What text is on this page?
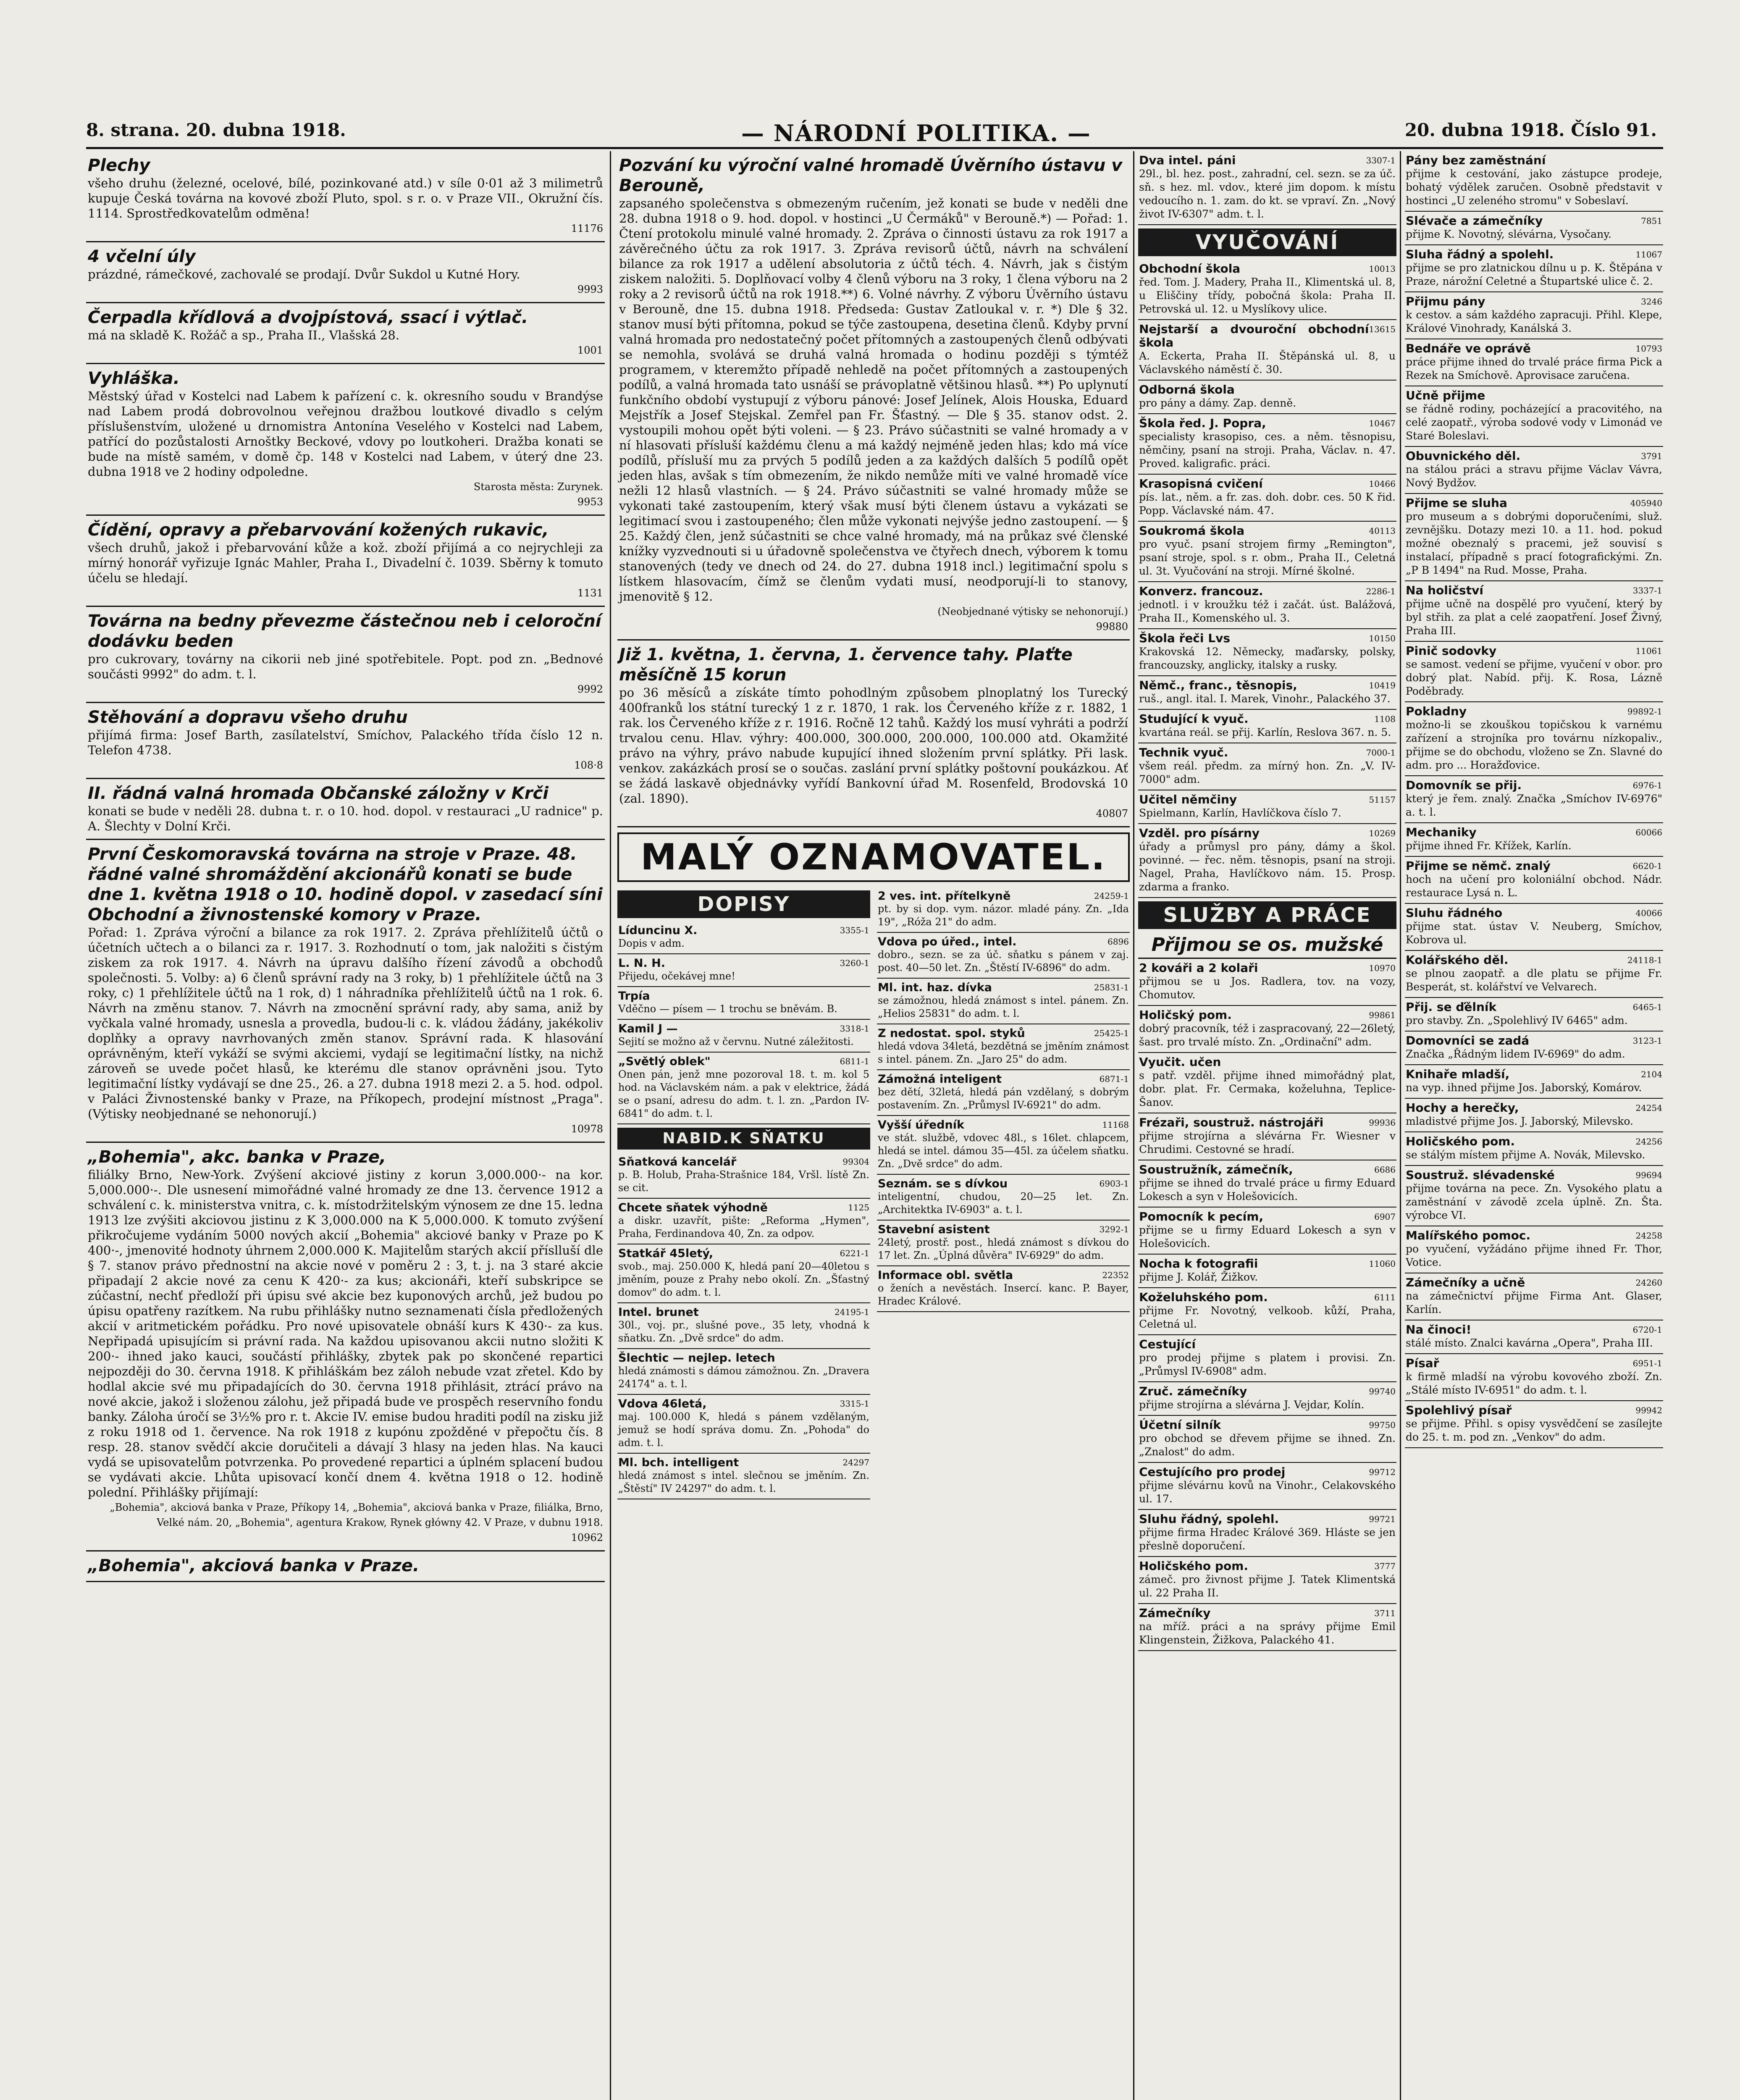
8. strana. 20. dubna 1918.	— NÁRODNÍ POLITIKA. —	20. dubna 1918. Číslo 91.
Plechy

všeho druhu (železné, ocelové, bílé, pozinkované atd.) v síle 0·01 až 3 milimetrů kupuje Česká továrna na kovové zboží Pluto, spol. s r. o. v Praze VII., Okružní čís. 1114. Sprostředkovatelům odměna!

11176
4 včelní úly

prázdné, rámečkové, zachovalé se prodají. Dvůr Sukdol u Kutné Hory.

9993
Čerpadla křídlová a dvojpístová, ssací i výtlač.

má na skladě K. Rožáč a sp., Praha II., Vlašská 28.

1001
Vyhláška.

Městský úřad v Kostelci nad Labem k pařízení c. k. okresního soudu v Brandýse nad Labem prodá dobrovolnou veřejnou dražbou loutkové divadlo s celým příslušenstvím, uložené u drnomistra Antonína Veselého v Kostelci nad Labem, patřící do pozůstalosti Arnoštky Beckové, vdovy po loutkoheri. Dražba konati se bude na místě samém, v domě čp. 148 v Kostelci nad Labem, v úterý dne 23. dubna 1918 ve 2 hodiny odpoledne.

Starosta města: Zurynek.
9953
Čídění, opravy a přebarvování kožených rukavic,

všech druhů, jakož i přebarvování kůže a kož. zboží přijímá a co nejrychleji za mírný honorář vyřizuje Ignác Mahler, Praha I., Divadelní č. 1039. Sběrny k tomuto účelu se hledají.

1131
Továrna na bedny převezme částečnou neb i celoroční dodávku beden

pro cukrovary, továrny na cikorii neb jiné spotřebitele. Popt. pod zn. „Bednové součásti 9992" do adm. t. l.

9992
Stěhování a dopravu všeho druhu

přijímá firma: Josef Barth, zasílatelství, Smíchov, Palackého třída číslo 12 n. Telefon 4738.

108·8
II. řádná valná hromada Občanské záložny v Krči

konati se bude v neděli 28. dubna t. r. o 10. hod. dopol. v restauraci „U radnice" p. A. Šlechty v Dolní Krči.

První Českomoravská továrna na stroje v Praze. 48. řádné valné shromáždění akcionářů konati se bude dne 1. května 1918 o 10. hodině dopol. v zasedací síni Obchodní a živnostenské komory v Praze.

Pořad: 1. Zpráva výroční a bilance za rok 1917. 2. Zpráva přehlížitelů účtů o účetních učtech a o bilanci za r. 1917. 3. Rozhodnutí o tom, jak naložiti s čistým ziskem za rok 1917. 4. Návrh na úpravu dalšího řízení závodů a obchodů společnosti. 5. Volby: a) 6 členů správní rady na 3 roky, b) 1 přehlížitele účtů na 3 roky, c) 1 přehlížitele účtů na 1 rok, d) 1 náhradníka přehlížitelů účtů na 1 rok. 6. Návrh na změnu stanov. 7. Návrh na zmocnění správní rady, aby sama, aniž by vyčkala valné hromady, usnesla a provedla, budou-li c. k. vládou žádány, jakékoliv doplňky a opravy navrhovaných změn stanov. Správní rada. K hlasování oprávněným, kteří vykáží se svými akciemi, vydají se legitimační lístky, na nichž zároveň se uvede počet hlasů, ke kterému dle stanov oprávněni jsou. Tyto legitimační lístky vydávají se dne 25., 26. a 27. dubna 1918 mezi 2. a 5. hod. odpol. v Paláci Živnostenské banky v Praze, na Příkopech, prodejní místnost „Praga". (Výtisky neobjednané se nehonorují.)

10978
„Bohemia", akc. banka v Praze,

filiálky Brno, New-York. Zvýšení akciové jistiny z korun 3,000.000·- na kor. 5,000.000·-. Dle usnesení mimořádné valné hromady ze dne 13. července 1912 a schválení c. k. ministerstva vnitra, c. k. místodržitelským výnosem ze dne 15. ledna 1913 lze zvýšiti akciovou jistinu z K 3,000.000 na K 5,000.000. K tomuto zvýšení přikročujeme vydáním 5000 nových akcií „Bohemia" akciové banky v Praze po K 400·-, jmenovité hodnoty úhrnem 2,000.000 K. Majitelům starých akcií příslluší dle § 7. stanov právo přednostní na akcie nové v poměru 2 : 3, t. j. na 3 staré akcie připadají 2 akcie nové za cenu K 420·- za kus; akcionáři, kteří subskripce se zúčastní, nechť předloží při úpisu své akcie bez kuponových archů, jež budou po úpisu opatřeny razítkem. Na rubu přihlášky nutno seznamenati čísla předložených akcií v aritmetickém pořádku. Pro nové upisovatele obnáší kurs K 430·- za kus. Nepřipadá upisujícím si právní rada. Na každou upisovanou akcii nutno složiti K 200·- ihned jako kauci, součástí přihlášky, zbytek pak po skončené repartici nejpozději do 30. června 1918. K přihláškám bez záloh nebude vzat zřetel. Kdo by hodlal akcie své mu připadajících do 30. června 1918 přihlásit, ztrácí právo na nové akcie, jakož i složenou zálohu, jež připadá bude ve prospěch reservního fondu banky. Záloha úročí se 3½% pro r. t. Akcie IV. emise budou hraditi podíl na zisku již z roku 1918 od 1. července. Na rok 1918 z kupónu zpožděné v přepočtu čís. 8 resp. 28. stanov svědčí akcie doručiteli a dávají 3 hlasy na jeden hlas. Na kauci vydá se upisovatelům potvrzenka. Po provedené repartici a úplném splacení budou se vydávati akcie. Lhůta upisovací končí dnem 4. května 1918 o 12. hodině polední. Přihlášky přijímají:

„Bohemia", akciová banka v Praze, Příkopy 14, „Bohemia", akciová banka v Praze, filiálka, Brno, Velké nám. 20, „Bohemia", agentura Krakow, Rynek główny 42. V Praze, v dubnu 1918.
10962
„Bohemia", akciová banka v Praze.

Pozvání ku výroční valné hromadě Úvěrního ústavu v Berouně,

zapsaného společenstva s obmezeným ručením, jež konati se bude v neděli dne 28. dubna 1918 o 9. hod. dopol. v hostinci „U Čermáků" v Berouně.*) — Pořad: 1. Čtení protokolu minulé valné hromady. 2. Zpráva o činnosti ústavu za rok 1917 a závěrečného účtu za rok 1917. 3. Zpráva revisorů účtů, návrh na schválení bilance za rok 1917 a udělení absolutoria z účtů téch. 4. Návrh, jak s čistým ziskem naložiti. 5. Doplňovací volby 4 členů výboru na 3 roky, 1 člena výboru na 2 roky a 2 revisorů účtů na rok 1918.**) 6. Volné návrhy. Z výboru Úvěrního ústavu v Berouně, dne 15. dubna 1918. Předseda: Gustav Zatloukal v. r. *) Dle § 32. stanov musí býti přítomna, pokud se týče zastoupena, desetina členů. Kdyby první valná hromada pro nedostatečný počet přítomných a zastoupených členů odbývati se nemohla, svolává se druhá valná hromada o hodinu později s týmtéž programem, v kteremžto případě nehledě na počet přítomných a zastoupených podílů, a valná hromada tato usnáší se právoplatně většinou hlasů. **) Po uplynutí funkčního období vystupují z výboru pánové: Josef Jelínek, Alois Houska, Eduard Mejstřík a Josef Stejskal. Zemřel pan Fr. Šťastný. — Dle § 35. stanov odst. 2. vystoupili mohou opět býti voleni. — § 23. Právo súčastniti se valné hromady a v ní hlasovati přísluší každému členu a má každý nejméně jeden hlas; kdo má více podílů, přísluší mu za prvých 5 podílů jeden a za každých dalších 5 podílů opět jeden hlas, avšak s tím obmezením, že nikdo nemůže míti ve valné hromadě více nežli 12 hlasů vlastních. — § 24. Právo súčastniti se valné hromady může se vykonati také zastoupením, který však musí býti členem ústavu a vykázati se legitimací svou i zastoupeného; člen může vykonati nejvýše jedno zastoupení. — § 25. Každý člen, jenž súčastniti se chce valné hromady, má na průkaz své členské knížky vyzvednouti si u úřadovně společenstva ve čtyřech dnech, výborem k tomu stanovených (tedy ve dnech od 24. do 27. dubna 1918 incl.) legitimační spolu s lístkem hlasovacím, čímž se členům vydati musí, neodporují-li to stanovy, jmenovitě § 12.

(Neobjednané výtisky se nehonorují.)
99880
Již 1. května, 1. června, 1. července tahy. Plaťte měsíčně 15 korun

po 36 měsíců a získáte tímto pohodlným způsobem plnoplatný los Turecký 400franků los státní turecký 1 z r. 1870, 1 rak. los Červeného kříže z r. 1882, 1 rak. los Červeného kříže z r. 1916. Ročně 12 tahů. Každý los musí vyhráti a podrží trvalou cenu. Hlav. výhry: 400.000, 300.000, 200.000, 100.000 atd. Okamžité právo na výhry, právo nabude kupující ihned složením první splátky. Při lask. venkov. zakázkách prosí se o součas. zaslání první splátky poštovní poukázkou. Ať se žádá laskavě objednávky vyřídí Bankovní úřad M. Rosenfeld, Brodovská 10 (zal. 1890).

40807
MALÝ OZNAMOVATEL.
DOPISY
3355-1
Líduncinu X.
Dopis v adm.
3260-1
L. N. H.
Přijedu, očekávej mne!
Trpía
Vděčno — písem — 1 trochu se bněvám. B.
3318-1
Kamil J —
Sejití se možno až v červnu. Nutné záležitosti.
6811-1
„Světlý oblek"
Onen pán, jenž mne pozoroval 18. t. m. kol 5 hod. na Václavském nám. a pak v elektrice, žádá se o psaní, adresu do adm. t. l. zn. „Pardon IV-6841" do adm. t. l.
NABID.K SŇATKU
99304
Sňatková kancelář
p. B. Holub, Praha-Strašnice 184, Vršl. lístě Zn. se cit.
1125
Chcete sňatek výhodně
a diskr. uzavřít, pište: „Reforma „Hymen", Praha, Ferdinandova 40, Zn. za odpov.
6221-1
Statkář 45letý,
svob., maj. 250.000 K, hledá paní 20—40letou s jměním, pouze z Prahy nebo okolí. Zn. „Šťastný domov" do adm. t. l.
24195-1
Intel. brunet
30l., voj. pr., slušné pove., 35 lety, vhodná k sňatku. Zn. „Dvě srdce" do adm.
Šlechtic — nejlep. letech
hledá známosti s dámou zámožnou. Zn. „Dravera 24174" a. t. l.
3315-1
Vdova 46letá,
maj. 100.000 K, hledá s pánem vzdělaným, jemuž se hodí správa domu. Zn. „Pohoda" do adm. t. l.
24297
Ml. bch. intelligent
hledá známost s intel. slečnou se jměním. Zn. „Štěstí" IV 24297" do adm. t. l.
24259-1
2 ves. int. přítelkyně
pt. by si dop. vym. názor. mladé pány. Zn. „Ida 19", „Róža 21" do adm.
6896
Vdova po úřed., intel.
dobro., sezn. se za úč. sňatku s pánem v zaj. post. 40—50 let. Zn. „Štěstí IV-6896" do adm.
25831-1
Ml. int. haz. dívka
se zámožnou, hledá známost s intel. pánem. Zn. „Helios 25831" do adm. t. l.
25425-1
Z nedostat. spol. styků
hledá vdova 34letá, bezdětná se jměním známost s intel. pánem. Zn. „Jaro 25" do adm.
6871-1
Zámožná inteligent
bez dětí, 32letá, hledá pán vzdělaný, s dobrým postavením. Zn. „Průmysl IV-6921" do adm.
11168
Vyšší úředník
ve stát. službě, vdovec 48l., s 16let. chlapcem, hledá se intel. dámou 35—45l. za účelem sňatku. Zn. „Dvě srdce" do adm.
6903-1
Seznám. se s dívkou
inteligentní, chudou, 20—25 let. Zn. „Architektka IV-6903" a. t. l.
3292-1
Stavební asistent
24letý, prostř. post., hledá známost s dívkou do 17 let. Zn. „Úplná důvěra" IV-6929" do adm.
22352
Informace obl. světla
o ženích a nevěstách. Insercí. kanc. P. Bayer, Hradec Králové.
3307-1
Dva intel. páni
29l., bl. hez. post., zahradní, cel. sezn. se za úč. sň. s hez. ml. vdov., které jim dopom. k místu vedoucího n. 1. zam. do kt. se vpraví. Zn. „Nový život IV-6307" adm. t. l.
VYUČOVÁNÍ
10013
Obchodní škola
řed. Tom. J. Madery, Praha II., Klimentská ul. 8, u Eliščiny třídy, pobočná škola: Praha II. Petrovská ul. 12. u Myslíkovy ulice.
13615
Nejstarší a dvouroční obchodní škola
A. Eckerta, Praha II. Štěpánská ul. 8, u Václavského náměstí č. 30.
Odborná škola
pro pány a dámy. Zap. denně.
10467
Škola řed. J. Popra,
specialisty krasopiso, ces. a něm. těsnopisu, němčiny, psaní na stroji. Praha, Václav. n. 47. Proved. kaligrafic. práci.
10466
Krasopisná cvičení
pís. lat., něm. a fr. zas. doh. dobr. ces. 50 K řid. Popp. Václavské nám. 47.
40113
Soukromá škola
pro vyuč. psaní strojem firmy „Remington", psaní stroje, spol. s r. obm., Praha II., Celetná ul. 3t. Vyučování na stroji. Mírné školné.
2286-1
Konverz. francouz.
jednotl. i v kroužku též i začát. úst. Balážová, Praha II., Komenského ul. 3.
10150
Škola řeči Lvs
Krakovská 12. Německy, maďarsky, polsky, francouzsky, anglicky, italsky a rusky.
10419
Němč., franc., těsnopis,
ruš., angl. ital. I. Marek, Vinohr., Palackého 37.
1108
Studující k vyuč.
kvartána reál. se přij. Karlín, Reslova 367. n. 5.
7000-1
Technik vyuč.
všem reál. předm. za mírný hon. Zn. „V. IV-7000" adm.
51157
Učitel němčiny
Spielmann, Karlín, Havlíčkova číslo 7.
10269
Vzděl. pro písárny
úřady a průmysl pro pány, dámy a škol. povinné. — řec. něm. těsnopis, psaní na stroji. Nagel, Praha, Havlíčkovo nám. 15. Prosp. zdarma a franko.
SLUŽBY A PRÁCE
Přijmou se os. mužské
10970
2 kováři a 2 kolaři
přijmou se u Jos. Radlera, tov. na vozy, Chomutov.
99861
Holičský pom.
dobrý pracovník, též i zaspracovaný, 22—26letý, šast. pro trvalé místo. Zn. „Ordinační" adm.
Vyučit. učen
s patř. vzděl. přijme ihned mimořádný plat, dobr. plat. Fr. Cermaka, koželuhna, Teplice-Šanov.
99936
Frézaři, soustruž. nástrojáři
přijme strojírna a slévárna Fr. Wiesner v Chrudimi. Cestovné se hradí.
6686
Soustružník, zámečník,
přijme se ihned do trvalé práce u firmy Eduard Lokesch a syn v Holešovicích.
6907
Pomocník k pecím,
přijme se u firmy Eduard Lokesch a syn v Holešovicích.
11060
Nocha k fotografii
přijme J. Kolář, Žižkov.
6111
Koželuhského pom.
přijme Fr. Novotný, velkoob. kůží, Praha, Celetná ul.
Cestující
pro prodej přijme s platem i provisi. Zn. „Průmysl IV-6908" adm.
99740
Zruč. zámečníky
přijme strojírna a slévárna J. Vejdar, Kolín.
99750
Účetní silník
pro obchod se dřevem přijme se ihned. Zn. „Znalost" do adm.
99712
Cestujícího pro prodej
přijme slévárnu kovů na Vinohr., Celakovského ul. 17.
99721
Sluhu řádný, spolehl.
přijme firma Hradec Králové 369. Hláste se jen přeslně doporučení.
3777
Holičského pom.
zámeč. pro živnost přijme J. Tatek Klimentská ul. 22 Praha II.
3711
Zámečníky
na mříž. práci a na správy přijme Emil Klingenstein, Žižkova, Palackého 41.
Pány bez zaměstnání
přijme k cestování, jako zástupce prodeje, bohatý výdělek zaručen. Osobně představit v hostinci „U zeleného stromu" v Sobeslaví.
7851
Slévače a zámečníky
přijme K. Novotný, slévárna, Vysočany.
11067
Sluha řádný a spolehl.
přijme se pro zlatnickou dílnu u p. K. Štěpána v Praze, nárožní Celetné a Štupartské ulice č. 2.
3246
Přijmu pány
k cestov. a sám každého zapracuji. Přihl. Klepe, Králové Vinohrady, Kanálská 3.
10793
Bednáře ve oprávě
práce přijme ihned do trvalé práce firma Pick a Rezek na Smíchově. Aprovisace zaručena.
Učně přijme
se řádně rodiny, pocházející a pracovitého, na celé zaopatř., výroba sodové vody v Limonád ve Staré Boleslavi.
3791
Obuvnického děl.
na stálou práci a stravu přijme Václav Vávra, Nový Bydžov.
405940
Přijme se sluha
pro museum a s dobrými doporučeními, služ. zevnějšku. Dotazy mezi 10. a 11. hod. pokud možné obeznalý s pracemi, jež souvisí s instalací, případně s prací fotografickými. Zn. „P B 1494" na Rud. Mosse, Praha.
3337-1
Na holičství
přijme učně na dospělé pro vyučení, který by byl střih. za plat a celé zaopatření. Josef Živný, Praha III.
11061
Pinič sodovky
se samost. vedení se přijme, vyučení v obor. pro dobrý plat. Nabíd. přij. K. Rosa, Lázně Poděbrady.
99892-1
Pokladny
možno-li se zkouškou topičskou k varnému zařízení a strojníka pro továrnu nízkopaliv., přijme se do obchodu, vloženo se Zn. Slavné do adm. pro ... Horažďovice.
6976-1
Domovník se přij.
který je řem. znalý. Značka „Smíchov IV-6976" a. t. l.
60066
Mechaniky
přijme ihned Fr. Křížek, Karlín.
6620-1
Přijme se němč. znalý
hoch na učení pro koloniální obchod. Nádr. restaurace Lysá n. L.
40066
Sluhu řádného
přijme stat. ústav V. Neuberg, Smíchov, Kobrova ul.
24118-1
Kolářského děl.
se plnou zaopatř. a dle platu se přijme Fr. Besperát, st. kolářství ve Velvarech.
6465-1
Přij. se ďělník
pro stavby. Zn. „Spolehlivý IV 6465" adm.
3123-1
Domovníci se zadá
Značka „Řádným lidem IV-6969" do adm.
2104
Knihaře mladší,
na vyp. ihned přijme Jos. Jaborský, Komárov.
24254
Hochy a herečky,
mladistvé přijme Jos. J. Jaborský, Milevsko.
24256
Holičského pom.
se stálým místem přijme A. Novák, Milevsko.
99694
Soustruž. slévadenské
přijme továrna na pece. Zn. Vysokého platu a zaměstnání v závodě zcela úplně. Zn. Šta. výrobce VI.
24258
Malířského pomoc.
po vyučení, vyžádáno přijme ihned Fr. Thor, Votice.
24260
Zámečníky a učně
na zámečnictví přijme Firma Ant. Glaser, Karlín.
6720-1
Na činoci!
stálé místo. Znalci kavárna „Opera", Praha III.
6951-1
Písař
k firmě mladší na výrobu kovového zboží. Zn. „Stálé místo IV-6951" do adm. t. l.
99942
Spolehlivý písař
se přijme. Přihl. s opisy vysvědčení se zasílejte do 25. t. m. pod zn. „Venkov" do adm.
